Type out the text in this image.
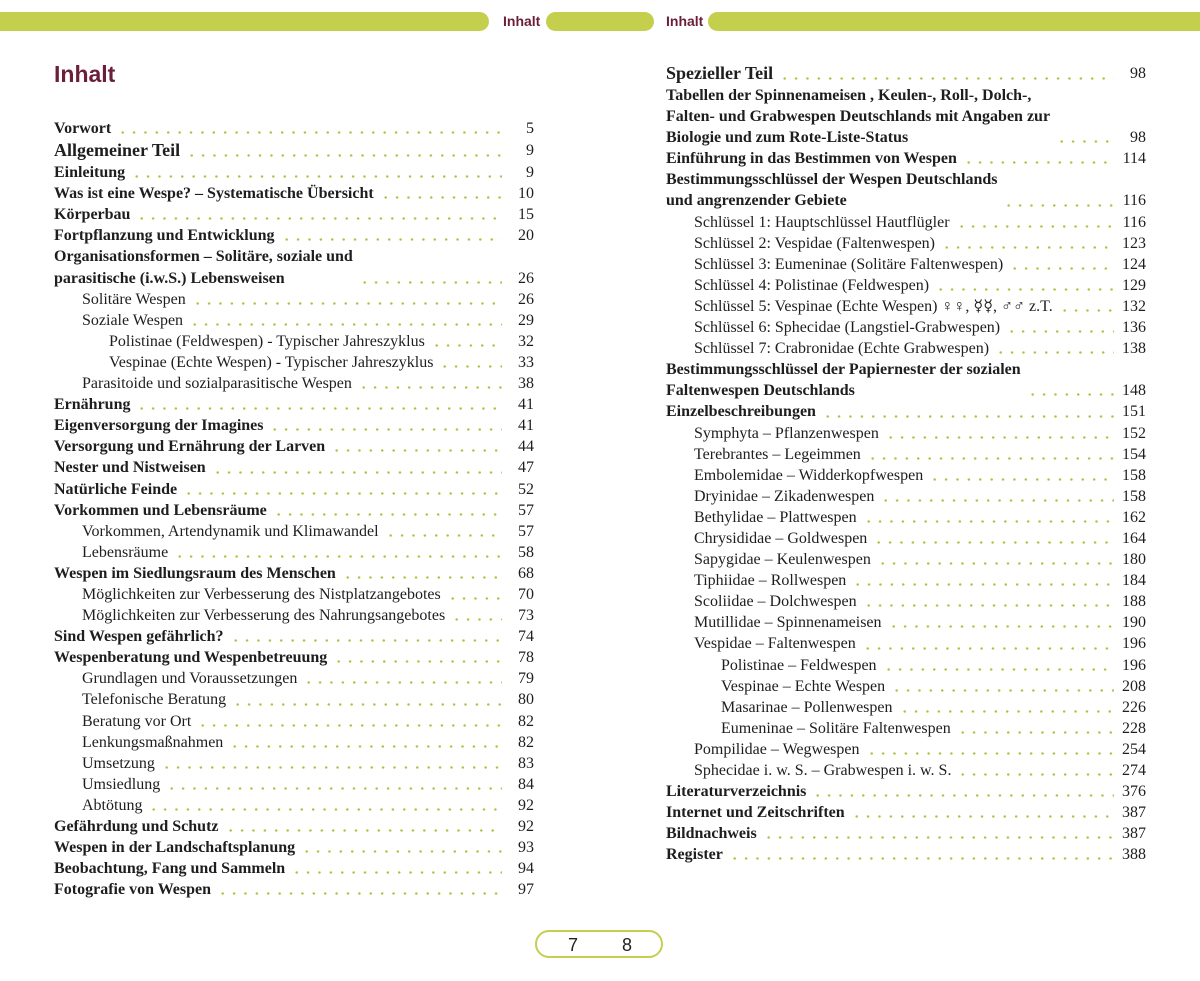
Inhalt	Inhalt
Inhalt
Vorwort	5
Allgemeiner Teil	9
Einleitung	9
Was ist eine Wespe? – Systematische Übersicht	10
Körperbau	15
Fortpflanzung und Entwicklung	20
Organisationsformen – Solitäre, soziale und
parasitische (i.w.S.) Lebensweisen	26
Solitäre Wespen	26
Soziale Wespen	29
Polistinae (Feldwespen) - Typischer Jahreszyklus	32
Vespinae (Echte Wespen) - Typischer Jahreszyklus	33
Parasitoide und sozialparasitische Wespen	38
Ernährung	41
Eigenversorgung der Imagines	41
Versorgung und Ernährung der Larven	44
Nester und Nistweisen	47
Natürliche Feinde	52
Vorkommen und Lebensräume	57
Vorkommen, Artendynamik und Klimawandel	57
Lebensräume	58
Wespen im Siedlungsraum des Menschen	68
Möglichkeiten zur Verbesserung des Nistplatzangebotes	70
Möglichkeiten zur Verbesserung des Nahrungsangebotes	73
Sind Wespen gefährlich?	74
Wespenberatung und Wespenbetreuung	78
Grundlagen und Voraussetzungen	79
Telefonische Beratung	80
Beratung vor Ort	82
Lenkungsmaßnahmen	82
Umsetzung	83
Umsiedlung	84
Abtötung	92
Gefährdung und Schutz	92
Wespen in der Landschaftsplanung	93
Beobachtung, Fang und Sammeln	94
Fotografie von Wespen	97
Spezieller Teil	98
Tabellen der Spinnenameisen , Keulen-, Roll-, Dolch-,
Falten- und Grabwespen Deutschlands mit Angaben zur
Biologie und zum Rote-Liste-Status	98
Einführung in das Bestimmen von Wespen	114
Bestimmungsschlüssel der Wespen Deutschlands
und angrenzender Gebiete	116
Schlüssel 1: Hauptschlüssel Hautflügler	116
Schlüssel 2: Vespidae (Faltenwespen)	123
Schlüssel 3: Eumeninae (Solitäre Faltenwespen)	124
Schlüssel 4: Polistinae (Feldwespen)	129
Schlüssel 5: Vespinae (Echte Wespen) ♀♀, ☿☿, ♂♂ z.T.	132
Schlüssel 6: Sphecidae (Langstiel-Grabwespen)	136
Schlüssel 7: Crabronidae (Echte Grabwespen)	138
Bestimmungsschlüssel der Papiernester der sozialen
Faltenwespen Deutschlands	148
Einzelbeschreibungen	151
Symphyta – Pflanzenwespen	152
Terebrantes – Legeimmen	154
Embolemidae – Widderkopfwespen	158
Dryinidae – Zikadenwespen	158
Bethylidae – Plattwespen	162
Chrysididae – Goldwespen	164
Sapygidae – Keulenwespen	180
Tiphiidae – Rollwespen	184
Scoliidae – Dolchwespen	188
Mutillidae – Spinnenameisen	190
Vespidae – Faltenwespen	196
Polistinae – Feldwespen	196
Vespinae – Echte Wespen	208
Masarinae – Pollenwespen	226
Eumeninae – Solitäre Faltenwespen	228
Pompilidae – Wegwespen	254
Sphecidae i. w. S. – Grabwespen i. w. S.	274
Literaturverzeichnis	376
Internet und Zeitschriften	387
Bildnachweis	387
Register	388
7 8
